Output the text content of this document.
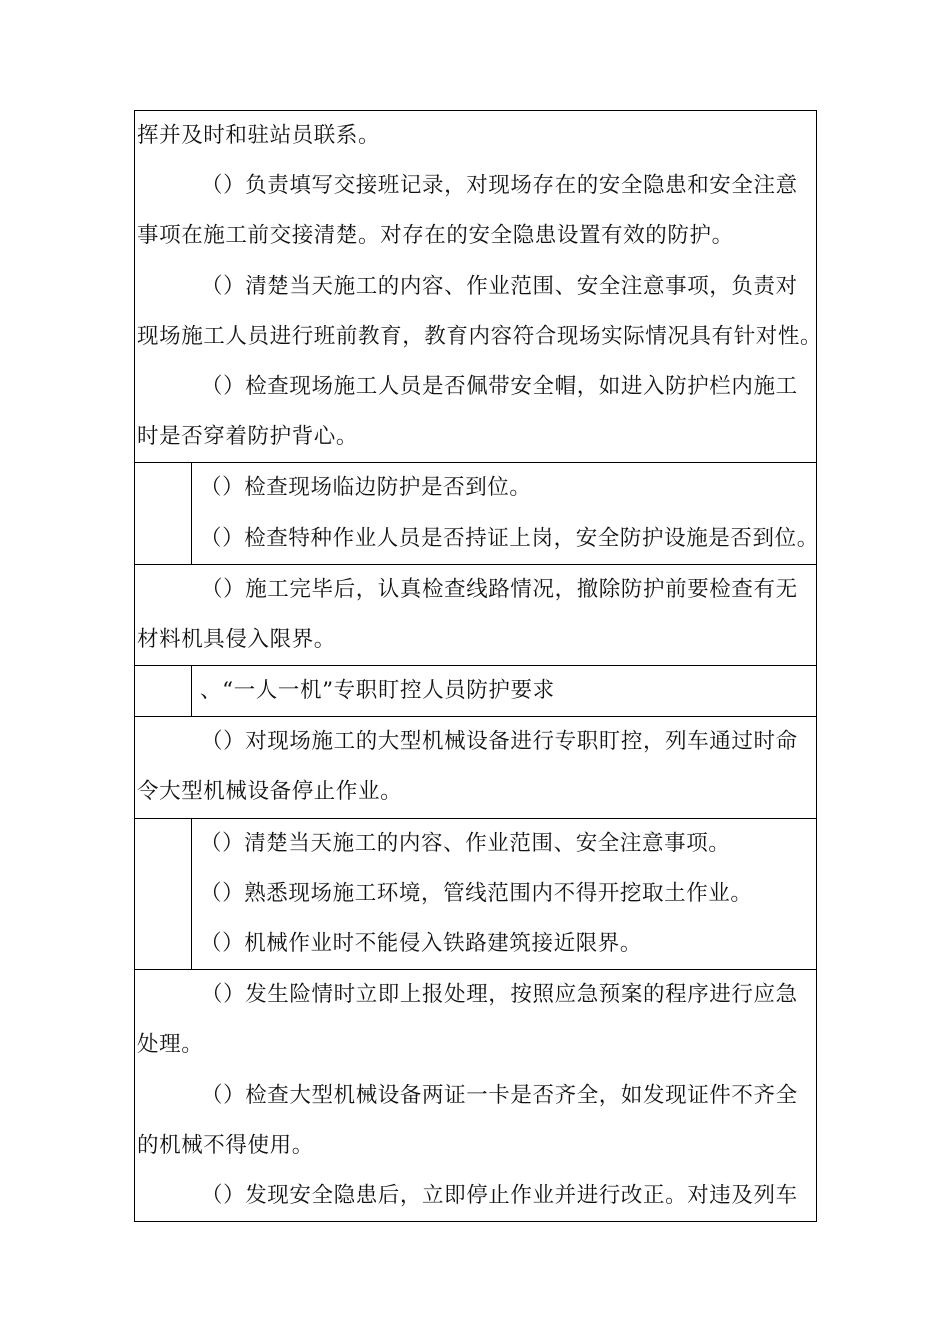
挥并及时和驻站员联系。
（）负责填写交接班记录，对现场存在的安全隐患和安全注意
事项在施工前交接清楚。对存在的安全隐患设置有效的防护。
（）清楚当天施工的内容、作业范围、安全注意事项，负责对
现场施工人员进行班前教育，教育内容符合现场实际情况具有针对性。
（）检查现场施工人员是否佩带安全帽，如进入防护栏内施工
时是否穿着防护背心。
（）检查现场临边防护是否到位。
（）检查特种作业人员是否持证上岗，安全防护设施是否到位。
（）施工完毕后，认真检查线路情况，撤除防护前要检查有无
材料机具侵入限界。
、“一人一机”专职盯控人员防护要求
（）对现场施工的大型机械设备进行专职盯控，列车通过时命
令大型机械设备停止作业。
（）清楚当天施工的内容、作业范围、安全注意事项。
（）熟悉现场施工环境，管线范围内不得开挖取土作业。
（）机械作业时不能侵入铁路建筑接近限界。
（）发生险情时立即上报处理，按照应急预案的程序进行应急
处理。
（）检查大型机械设备两证一卡是否齐全，如发现证件不齐全
的机械不得使用。
（）发现安全隐患后，立即停止作业并进行改正。对违及列车
